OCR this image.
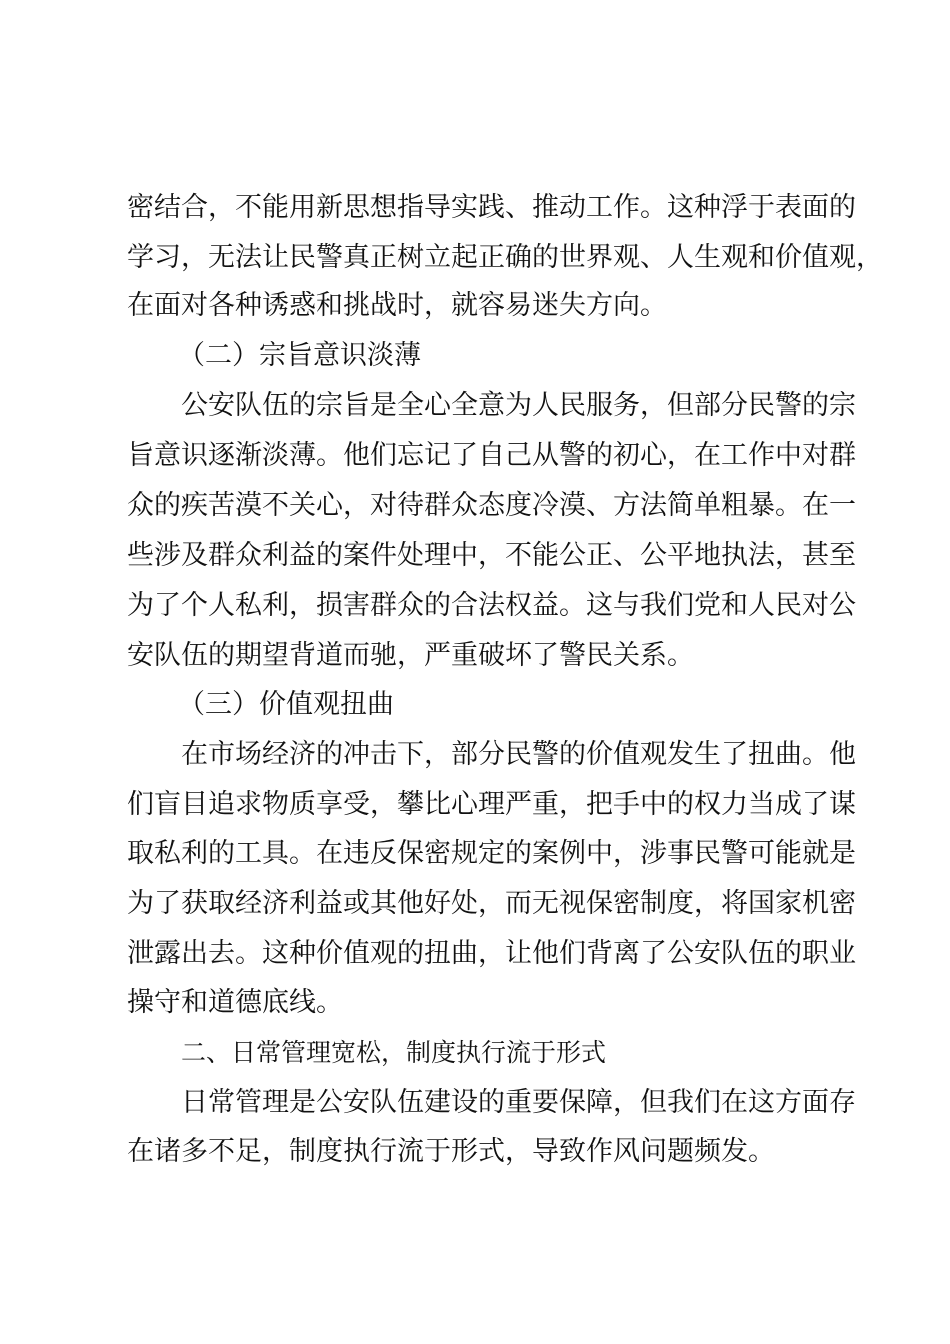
密结合，不能用新思想指导实践、推动工作。这种浮于表面的
学习，无法让民警真正树立起正确的世界观、人生观和价值观，
在面对各种诱惑和挑战时，就容易迷失方向。
（二）宗旨意识淡薄
公安队伍的宗旨是全心全意为人民服务，但部分民警的宗
旨意识逐渐淡薄。他们忘记了自己从警的初心，在工作中对群
众的疾苦漠不关心，对待群众态度冷漠、方法简单粗暴。在一
些涉及群众利益的案件处理中，不能公正、公平地执法，甚至
为了个人私利，损害群众的合法权益。这与我们党和人民对公
安队伍的期望背道而驰，严重破坏了警民关系。
（三）价值观扭曲
在市场经济的冲击下，部分民警的价值观发生了扭曲。他
们盲目追求物质享受，攀比心理严重，把手中的权力当成了谋
取私利的工具。在违反保密规定的案例中，涉事民警可能就是
为了获取经济利益或其他好处，而无视保密制度，将国家机密
泄露出去。这种价值观的扭曲，让他们背离了公安队伍的职业
操守和道德底线。
二、日常管理宽松，制度执行流于形式
日常管理是公安队伍建设的重要保障，但我们在这方面存
在诸多不足，制度执行流于形式，导致作风问题频发。
